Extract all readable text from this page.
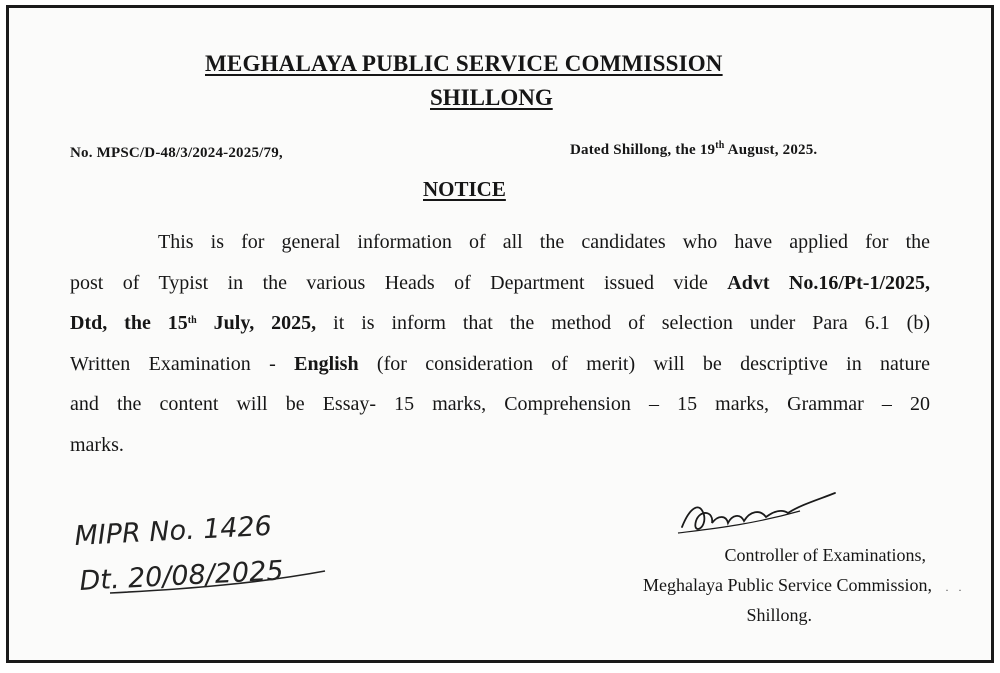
MEGHALAYA PUBLIC SERVICE COMMISSION
SHILLONG
No. MPSC/D-48/3/2024-2025/79,	Dated Shillong, the 19th August, 2025.
NOTICE
This is for general information of all the candidates who have applied for the
post of Typist in the various Heads of Department issued vide Advt No.16/Pt-1/2025,
Dtd, the 15th July, 2025, it is inform that the method of selection under Para 6.1 (b)
Written Examination - English (for consideration of merit) will be descriptive in nature
and the content will be Essay- 15 marks, Comprehension – 15 marks, Grammar – 20
marks.
MIPR No. 1426
Dt. 20/08/2025
Controller of Examinations,
Meghalaya Public Service Commission,
Shillong.
· ·
